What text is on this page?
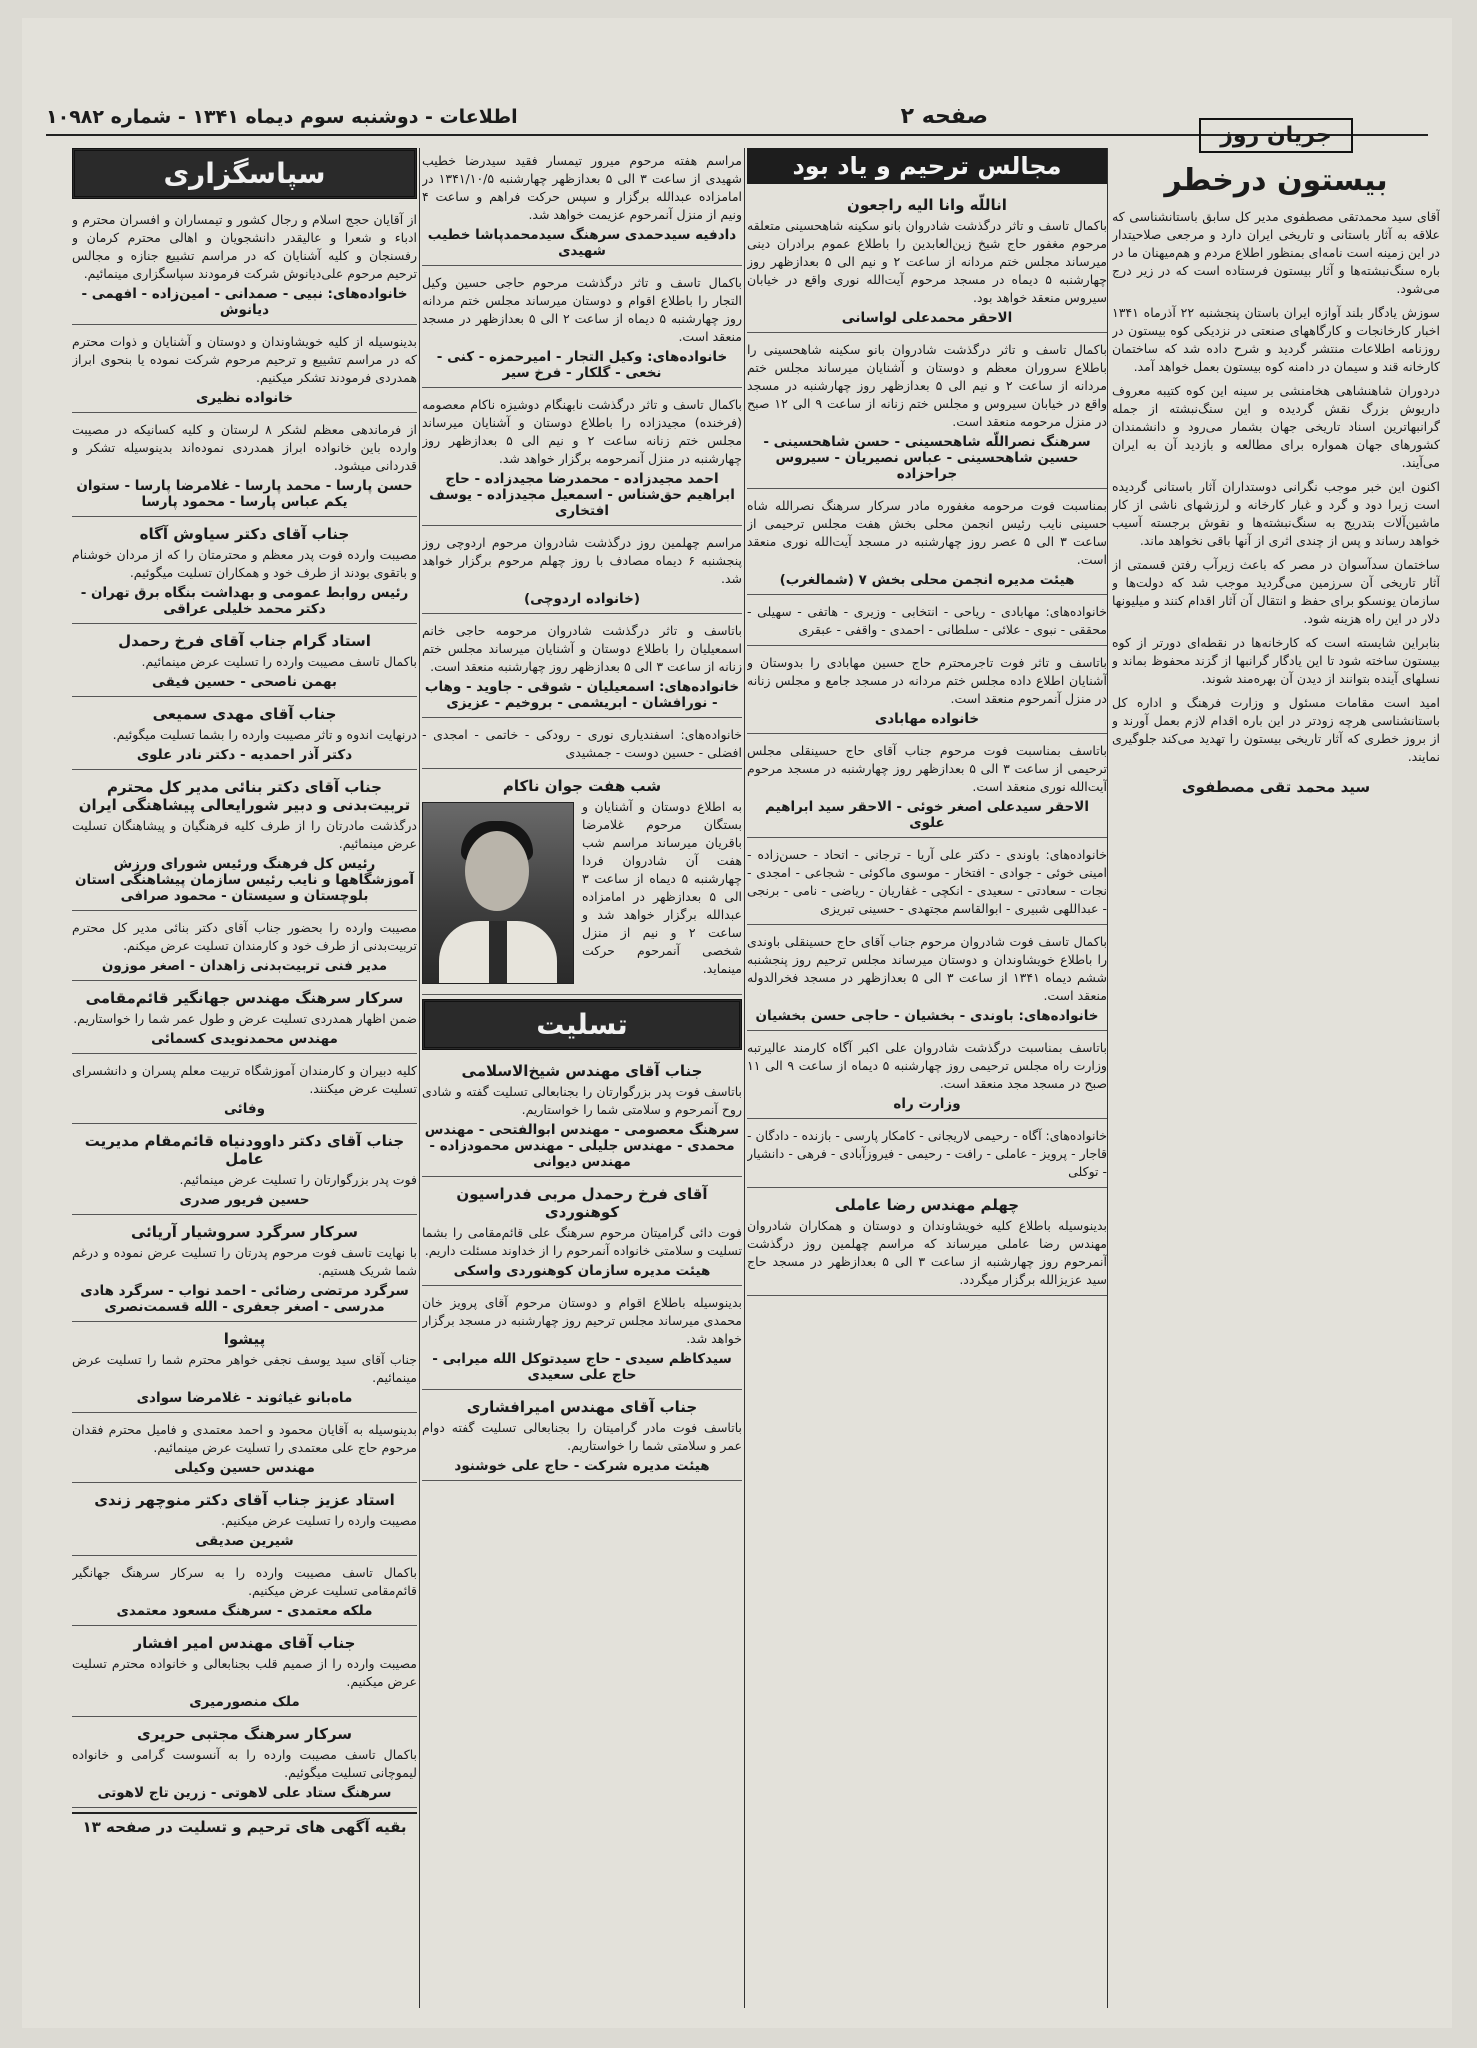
صفحه ۲
اطلاعات - دوشنبه سوم دیماه ۱۳۴۱ - شماره ۱۰۹۸۲
جریان روز
بیستون درخطر

آقای سید محمدتقی مصطفوی مدیر کل سابق باستانشناسی که علاقه به آثار باستانی و تاریخی ایران دارد و مرجعی صلاحیتدار در این زمینه است نامه‌ای بمنظور اطلاع مردم و هم‌میهنان ما در باره سنگ‌نبشته‌ها و آثار بیستون فرستاده است که در زیر درج می‌شود.

سوزش یادگار بلند آوازه ایران باستان پنجشنبه ۲۲ آذرماه ۱۳۴۱ اخبار کارخانجات و کارگاههای صنعتی در نزدیکی کوه بیستون در روزنامه اطلاعات منتشر گردید و شرح داده شد که ساختمان کارخانه قند و سیمان در دامنه کوه بیستون بعمل خواهد آمد.

دردوران شاهنشاهی هخامنشی بر سینه این کوه کتیبه معروف داریوش بزرگ نقش گردیده و این سنگ‌نبشته از جمله گرانبهاترین اسناد تاریخی جهان بشمار می‌رود و دانشمندان کشورهای جهان همواره برای مطالعه و بازدید آن به ایران می‌آیند.

اکنون این خبر موجب نگرانی دوستداران آثار باستانی گردیده است زیرا دود و گرد و غبار کارخانه و لرزشهای ناشی از کار ماشین‌آلات بتدریج به سنگ‌نبشته‌ها و نقوش برجسته آسیب خواهد رساند و پس از چندی اثری از آنها باقی نخواهد ماند.

ساختمان سدآسوان در مصر که باعث زیرآب رفتن قسمتی از آثار تاریخی آن سرزمین می‌گردید موجب شد که دولت‌ها و سازمان یونسکو برای حفظ و انتقال آن آثار اقدام کنند و میلیونها دلار در این راه هزینه شود.

بنابراین شایسته است که کارخانه‌ها در نقطه‌ای دورتر از کوه بیستون ساخته شود تا این یادگار گرانبها از گزند محفوظ بماند و نسلهای آینده بتوانند از دیدن آن بهره‌مند شوند.

امید است مقامات مسئول و وزارت فرهنگ و اداره کل باستانشناسی هرچه زودتر در این باره اقدام لازم بعمل آورند و از بروز خطری که آثار تاریخی بیستون را تهدید می‌کند جلوگیری نمایند.

سید محمد تقی مصطفوی
مجالس ترحیم و یاد بود
اناللّه وانا الیه راجعون
باکمال تاسف و تاثر درگذشت شادروان بانو سکینه شاهحسینی متعلقه مرحوم مغفور حاج شیخ زین‌العابدین را باطلاع عموم برادران دینی میرساند مجلس ختم مردانه از ساعت ۲ و نیم الی ۵ بعدازظهر روز چهارشنبه ۵ دیماه در مسجد مرحوم آیت‌الله نوری واقع در خیابان سیروس منعقد خواهد بود.
الاحقر محمدعلی لواسانی
باکمال تاسف و تاثر درگذشت شادروان بانو سکینه شاهحسینی را باطلاع سروران معظم و دوستان و آشنایان میرساند مجلس ختم مردانه از ساعت ۲ و نیم الی ۵ بعدازظهر روز چهارشنبه در مسجد واقع در خیابان سیروس و مجلس ختم زنانه از ساعت ۹ الی ۱۲ صبح در منزل مرحومه منعقد است.
سرهنگ نصراللّه شاهحسینی - حسن شاهحسینی - حسین شاهحسینی - عباس نصیریان - سیروس جراحزاده
بمناسبت فوت مرحومه مغفوره مادر سرکار سرهنگ نصرالله شاه حسینی نایب رئیس انجمن محلی بخش هفت مجلس ترحیمی از ساعت ۳ الی ۵ عصر روز چهارشنبه در مسجد آیت‌الله نوری منعقد است.
هیئت مدیره انجمن محلی بخش ۷ (شمالغرب)
خانواده‌های: مهابادی - ریاحی - انتخابی - وزیری - هاتفی - سهیلی - محققی - نبوی - علائی - سلطانی - احمدی - واقفی - عبقری
باتاسف و تاثر فوت تاجرمحترم حاج حسین مهابادی را بدوستان و آشنایان اطلاع داده مجلس ختم مردانه در مسجد جامع و مجلس زنانه در منزل آنمرحوم منعقد است.
خانواده مهابادی
باتاسف بمناسبت فوت مرحوم جناب آقای حاج حسینقلی مجلس ترحیمی از ساعت ۳ الی ۵ بعدازظهر روز چهارشنبه در مسجد مرحوم آیت‌الله نوری منعقد است.
الاحقر سیدعلی اصغر خوئی - الاحقر سید ابراهیم علوی
خانواده‌های: باوندی - دکتر علی آریا - ترجانی - اتحاد - حسن‌زاده - امینی خوئی - جوادی - افتخار - موسوی ماکوئی - شجاعی - امجدی - نجات - سعادتی - سعیدی - انکچی - غفاریان - ریاضی - نامی - برنجی - عبداللهی شبیری - ابوالقاسم مجتهدی - حسینی تبریزی
باکمال تاسف فوت شادروان مرحوم جناب آقای حاج حسینقلی باوندی را باطلاع خویشاوندان و دوستان میرساند مجلس ترحیم روز پنجشنبه ششم دیماه ۱۳۴۱ از ساعت ۳ الی ۵ بعدازظهر در مسجد فخرالدوله منعقد است.
خانواده‌های: باوندی - بخشیان - حاجی حسن بخشیان
باتاسف بمناسبت درگذشت شادروان علی اکبر آگاه کارمند عالیرتبه وزارت راه مجلس ترحیمی روز چهارشنبه ۵ دیماه از ساعت ۹ الی ۱۱ صبح در مسجد مجد منعقد است.
وزارت راه
خانواده‌های: آگاه - رحیمی لاریجانی - کامکار پارسی - بازنده - دادگان - قاجار - پرویز - عاملی - رافت - رحیمی - فیروزآبادی - فرهی - دانشیار - توکلی
چهلم مهندس رضا عاملی
بدینوسیله باطلاع کلیه خویشاوندان و دوستان و همکاران شادروان مهندس رضا عاملی میرساند که مراسم چهلمین روز درگذشت آنمرحوم روز چهارشنبه از ساعت ۳ الی ۵ بعدازظهر در مسجد حاج سید عزیزالله برگزار میگردد.
مراسم هفته مرحوم میرور تیمسار فقید سیدرضا خطیب شهیدی از ساعت ۳ الی ۵ بعدازظهر چهارشنبه ۱۳۴۱/۱۰/۵ در امامزاده عبدالله برگزار و سپس حرکت فراهم و ساعت ۴ ونیم از منزل آنمرحوم عزیمت خواهد شد.
دادفیه سیدحمدی سرهنگ سیدمحمدپاشا خطیب شهیدی
باکمال تاسف و تاثر درگذشت مرحوم حاجی حسین وکیل التجار را باطلاع اقوام و دوستان میرساند مجلس ختم مردانه روز چهارشنبه ۵ دیماه از ساعت ۲ الی ۵ بعدازظهر در مسجد منعقد است.
خانواده‌های: وکیل التجار - امیرحمزه - کنی - نخعی - گلکار - فرخ سیر
باکمال تاسف و تاثر درگذشت نابهنگام دوشیزه ناکام معصومه (فرخنده) مجیدزاده را باطلاع دوستان و آشنایان میرساند مجلس ختم زنانه ساعت ۲ و نیم الی ۵ بعدازظهر روز چهارشنبه در منزل آنمرحومه برگزار خواهد شد.
احمد مجیدزاده - محمدرضا مجیدزاده - حاج ابراهیم حق‌شناس - اسمعیل مجیدزاده - یوسف افتخاری
مراسم چهلمین روز درگذشت شادروان مرحوم اردوچی روز پنجشنبه ۶ دیماه مصادف با روز چهلم مرحوم برگزار خواهد شد.
(خانواده اردوچی)
باتاسف و تاثر درگذشت شادروان مرحومه حاجی خانم اسمعیلیان را باطلاع دوستان و آشنایان میرساند مجلس ختم زنانه از ساعت ۳ الی ۵ بعدازظهر روز چهارشنبه منعقد است.
خانواده‌های: اسمعیلیان - شوقی - جاوید - وهاب - نورافشان - ابریشمی - بروخیم - عزیزی
خانواده‌های: اسفندیاری نوری - رودکی - خاتمی - امجدی - افضلی - حسین دوست - جمشیدی
شب هفت جوان ناکام
به اطلاع دوستان و آشنایان و بستگان مرحوم غلامرضا باقریان میرساند مراسم شب هفت آن شادروان فردا چهارشنبه ۵ دیماه از ساعت ۳ الی ۵ بعدازظهر در امامزاده عبدالله برگزار خواهد شد و ساعت ۲ و نیم از منزل شخصی آنمرحوم حرکت مینماید.
تسلیت
جناب آقای مهندس شیخ‌الاسلامی
باتاسف فوت پدر بزرگوارتان را بجنابعالی تسلیت گفته و شادی روح آنمرحوم و سلامتی شما را خواستاریم.
سرهنگ معصومی - مهندس ابوالفتحی - مهندس محمدی - مهندس جلیلی - مهندس محمودزاده - مهندس دیوانی
آقای فرخ رحمدل مربی فدراسیون کوهنوردی
فوت دائی گرامیتان مرحوم سرهنگ علی قائم‌مقامی را بشما تسلیت و سلامتی خانواده آنمرحوم را از خداوند مسئلت داریم.
هیئت مدیره سازمان کوهنوردی واسکی
بدینوسیله باطلاع اقوام و دوستان مرحوم آقای پرویز خان محمدی میرساند مجلس ترحیم روز چهارشنبه در مسجد برگزار خواهد شد.
سیدکاظم سیدی - حاج سیدتوکل الله میرابی - حاج علی سعیدی
جناب آقای مهندس امیرافشاری
باتاسف فوت مادر گرامیتان را بجنابعالی تسلیت گفته دوام عمر و سلامتی شما را خواستاریم.
هیئت مدیره شرکت - حاج علی خوشنود
سپاسگزاری
از آقایان حجج اسلام و رجال کشور و تیمساران و افسران محترم و ادباء و شعرا و عالیقدر دانشجویان و اهالی محترم کرمان و رفسنجان و کلیه آشنایان که در مراسم تشییع جنازه و مجالس ترحیم مرحوم علی‌دیانوش شرکت فرمودند سپاسگزاری مینمائیم.
خانواده‌های: نبیی - صمدانی - امین‌زاده - افهمی - دیانوش
بدینوسیله از کلیه خویشاوندان و دوستان و آشنایان و ذوات محترم که در مراسم تشییع و ترحیم مرحوم شرکت نموده یا بنحوی ابراز همدردی فرمودند تشکر میکنیم.
خانواده نظیری
از فرماندهی معظم لشکر ۸ لرستان و کلیه کسانیکه در مصیبت وارده باین خانواده ابراز همدردی نموده‌اند بدینوسیله تشکر و قدردانی میشود.
حسن پارسا - محمد پارسا - غلامرضا پارسا - ستوان یکم عباس پارسا - محمود پارسا
جناب آقای دکتر سیاوش آگاه
مصیبت وارده فوت پدر معظم و محترمتان را که از مردان خوشنام و باتقوی بودند از طرف خود و همکاران تسلیت میگوئیم.
رئیس روابط عمومی و بهداشت بنگاه برق تهران - دکتر محمد خلیلی عراقی
استاد گرام جناب آقای فرخ رحمدل
باکمال تاسف مصیبت وارده را تسلیت عرض مینمائیم.
بهمن ناصحی - حسین فیقی
جناب آقای مهدی سمیعی
درنهایت اندوه و تاثر مصیبت وارده را بشما تسلیت میگوئیم.
دکتر آذر احمدیه - دکتر نادر علوی
جناب آقای دکتر بنائی مدیر کل محترم تربیت‌بدنی و دبیر شورایعالی پیشاهنگی ایران
درگذشت مادرتان را از طرف کلیه فرهنگیان و پیشاهنگان تسلیت عرض مینمائیم.
رئیس کل فرهنگ ورئیس شورای ورزش آموزشگاهها و نایب رئیس سازمان پیشاهنگی استان بلوچستان و سیستان - محمود صرافی
مصیبت وارده را بحضور جناب آقای دکتر بنائی مدیر کل محترم تربیت‌بدنی از طرف خود و کارمندان تسلیت عرض میکنم.
مدیر فنی تربیت‌بدنی زاهدان - اصغر موزون
سرکار سرهنگ مهندس جهانگیر قائم‌مقامی
ضمن اظهار همدردی تسلیت عرض و طول عمر شما را خواستاریم.
مهندس محمدنویدی کسمائی
کلیه دبیران و کارمندان آموزشگاه تربیت معلم پسران و دانشسرای تسلیت عرض میکنند.
وفائی
جناب آقای دکتر داوودنیاه قائم‌مقام مدیریت عامل
فوت پدر بزرگوارتان را تسلیت عرض مینمائیم.
حسین فریور صدری
سرکار سرگرد سروشیار آریائی
با نهایت تاسف فوت مرحوم پدرتان را تسلیت عرض نموده و درغم شما شریک هستیم.
سرگرد مرتضی رضائی - احمد نواب - سرگرد هادی مدرسی - اصغر جعفری - الله قسمت‌نصری
پیشوا
جناب آقای سید یوسف نجفی خواهر محترم شما را تسلیت عرض مینمائیم.
ماه‌بانو غیاثوند - غلامرضا سوادی
بدینوسیله به آقایان محمود و احمد معتمدی و فامیل محترم فقدان مرحوم حاج علی معتمدی را تسلیت عرض مینمائیم.
مهندس حسین وکیلی
استاد عزیز جناب آقای دکتر منوچهر زندی
مصیبت وارده را تسلیت عرض میکنیم.
شیرین صدیقی
باکمال تاسف مصیبت وارده را به سرکار سرهنگ جهانگیر قائم‌مقامی تسلیت عرض میکنیم.
ملکه معتمدی - سرهنگ مسعود معتمدی
جناب آقای مهندس امیر افشار
مصیبت وارده را از صمیم قلب بجنابعالی و خانواده محترم تسلیت عرض میکنیم.
ملک منصورمیری
سرکار سرهنگ مجتبی حریری
باکمال تاسف مصیبت وارده را به آنسوست گرامی و خانواده لیموچانی تسلیت میگوئیم.
سرهنگ ستاد علی لاهوتی - زرین تاج لاهوتی
بقیه آگهی های ترحیم و تسلیت در صفحه ۱۳
